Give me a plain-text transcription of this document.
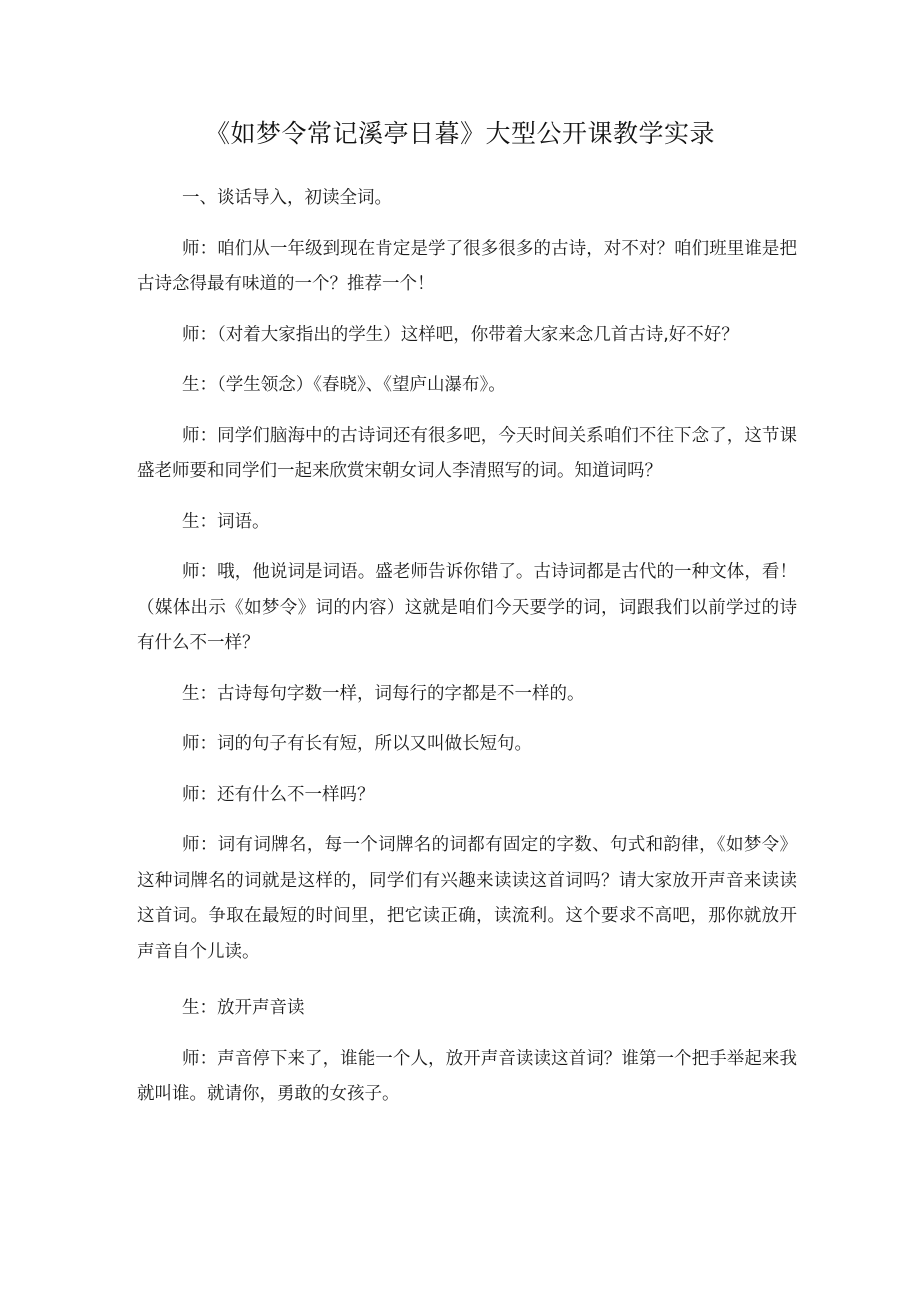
《如梦令常记溪亭日暮》大型公开课教学实录

一、谈话导入，初读全词。

师：咱们从一年级到现在肯定是学了很多很多的古诗，对不对？咱们班里谁是把古诗念得最有味道的一个？推荐一个！

师：（对着大家指出的学生）这样吧，你带着大家来念几首古诗,好不好？

生：（学生领念）《春晓》、《望庐山瀑布》。

师：同学们脑海中的古诗词还有很多吧，今天时间关系咱们不往下念了，这节课盛老师要和同学们一起来欣赏宋朝女词人李清照写的词。知道词吗？

生：词语。

师：哦，他说词是词语。盛老师告诉你错了。古诗词都是古代的一种文体，看！（媒体出示《如梦令》词的内容）这就是咱们今天要学的词，词跟我们以前学过的诗有什么不一样？

生：古诗每句字数一样，词每行的字都是不一样的。

师：词的句子有长有短，所以又叫做长短句。

师：还有什么不一样吗？

师：词有词牌名，每一个词牌名的词都有固定的字数、句式和韵律，《如梦令》这种词牌名的词就是这样的，同学们有兴趣来读读这首词吗？请大家放开声音来读读这首词。争取在最短的时间里，把它读正确，读流利。这个要求不高吧，那你就放开声音自个儿读。

生：放开声音读

师：声音停下来了，谁能一个人，放开声音读读这首词？谁第一个把手举起来我就叫谁。就请你，勇敢的女孩子。
